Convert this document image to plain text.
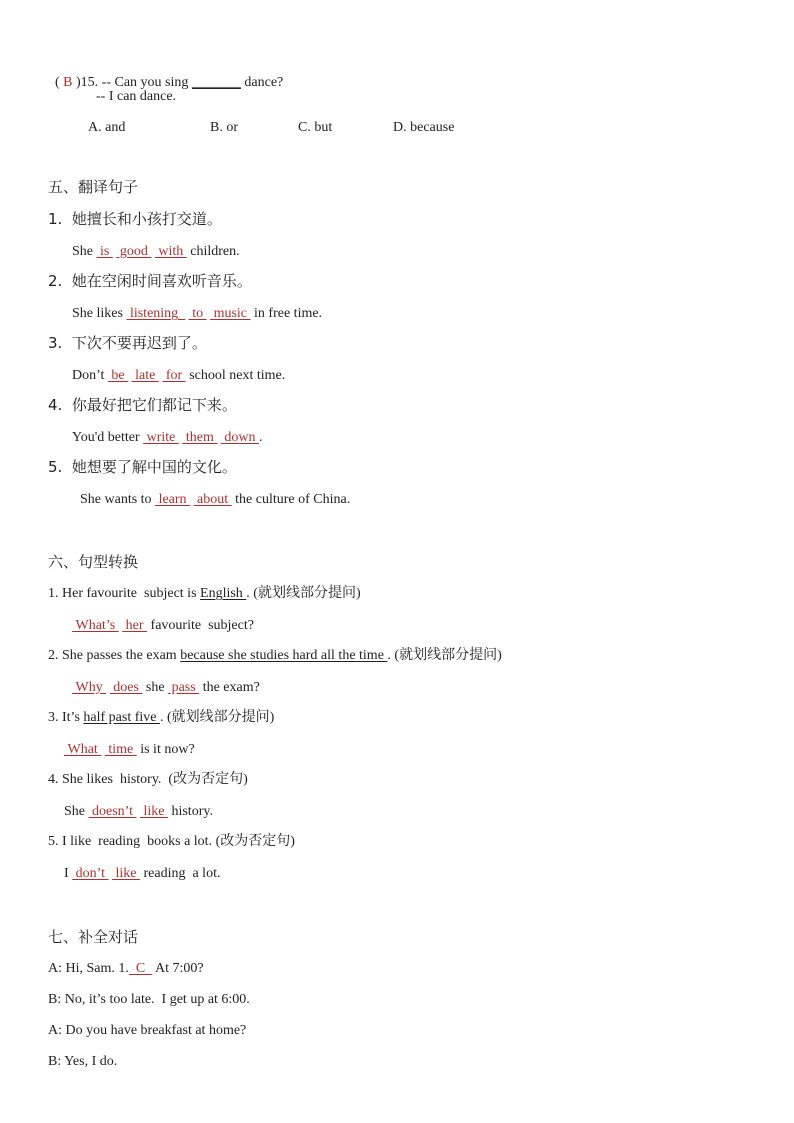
( B )15. -- Can you sing _______ dance?

-- I can dance.
A. and	B. or	C. but	D. because
五、翻译句子
1.  她擅长和小孩打交道。
She  is   good   with  children.
2.  她在空闲时间喜欢听音乐。
She likes  listening    to   music  in free time.
3.  下次不要再迟到了。
Don’t  be   late   for  school next time.
4.  你最好把它们都记下来。
You'd better  write   them   down .
5.  她想要了解中国的文化。
She wants to  learn   about  the culture of China.
六、句型转换
1. Her favourite  subject is English . (就划线部分提问)
What’s   her  favourite  subject?
2. She passes the exam because she studies hard all the time . (就划线部分提问)
Why   does  she  pass  the exam?
3. It’s half past five . (就划线部分提问)
What   time  is it now?
4. She likes  history.  (改为否定句)
She  doesn’t   like  history.
5. I like  reading  books a lot. (改为否定句)
I  don’t   like  reading  a lot.
七、补全对话
A: Hi, Sam. 1.  C   At 7:00?
B: No, it’s too late.  I get up at 6:00.
A: Do you have breakfast at home?
B: Yes, I do.
